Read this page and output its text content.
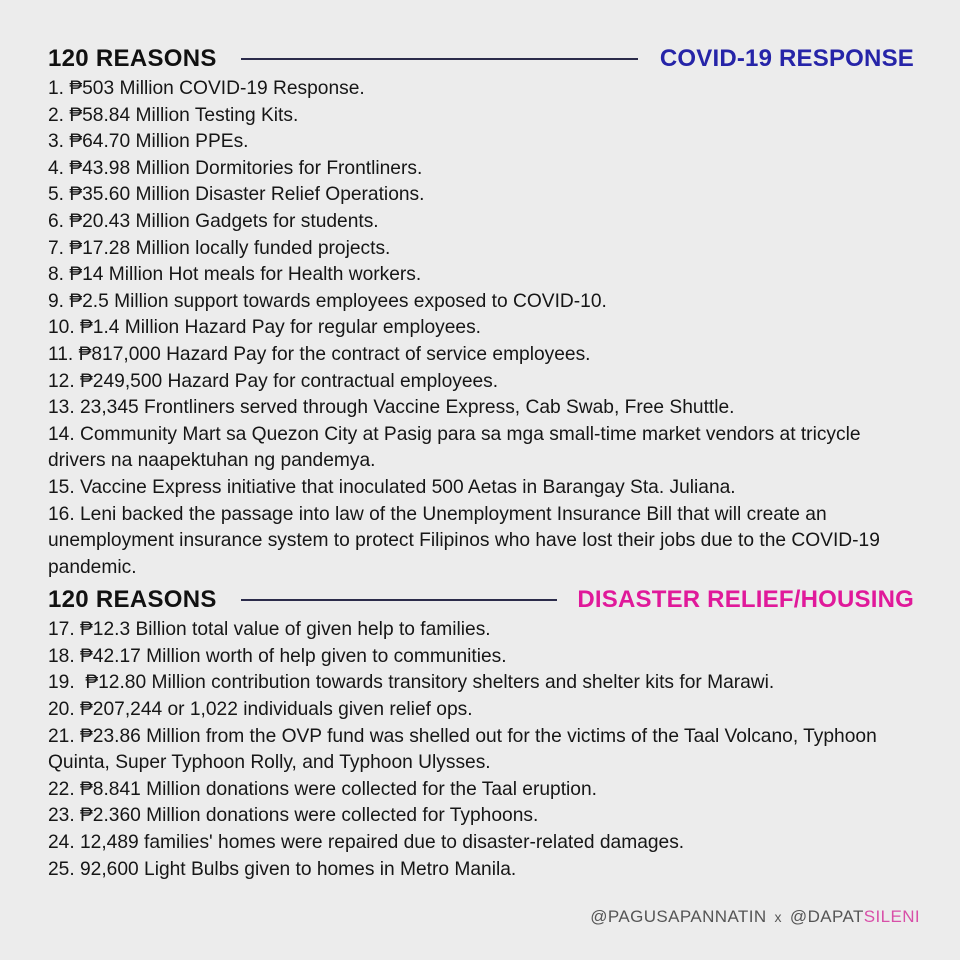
120 REASONS	COVID-19 RESPONSE
1. ₱503 Million COVID-19 Response.
2. ₱58.84 Million Testing Kits.
3. ₱64.70 Million PPEs.
4. ₱43.98 Million Dormitories for Frontliners.
5. ₱35.60 Million Disaster Relief Operations.
6. ₱20.43 Million Gadgets for students.
7. ₱17.28 Million locally funded projects.
8. ₱14 Million Hot meals for Health workers.
9. ₱2.5 Million support towards employees exposed to COVID-10.
10. ₱1.4 Million Hazard Pay for regular employees.
11. ₱817,000 Hazard Pay for the contract of service employees.
12. ₱249,500 Hazard Pay for contractual employees.
13. 23,345 Frontliners served through Vaccine Express, Cab Swab, Free Shuttle.
14. Community Mart sa Quezon City at Pasig para sa mga small-time market vendors at tricycle drivers na naapektuhan ng pandemya.
15. Vaccine Express initiative that inoculated 500 Aetas in Barangay Sta. Juliana.
16. Leni backed the passage into law of the Unemployment Insurance Bill that will create an unemployment insurance system to protect Filipinos who have lost their jobs due to the COVID-19 pandemic.
120 REASONS	DISASTER RELIEF/HOUSING
17. ₱12.3 Billion total value of given help to families.
18. ₱42.17 Million worth of help given to communities.
19.  ₱12.80 Million contribution towards transitory shelters and shelter kits for Marawi.
20. ₱207,244 or 1,022 individuals given relief ops.
21. ₱23.86 Million from the OVP fund was shelled out for the victims of the Taal Volcano, Typhoon Quinta, Super Typhoon Rolly, and Typhoon Ulysses.
22. ₱8.841 Million donations were collected for the Taal eruption.
23. ₱2.360 Million donations were collected for Typhoons.
24. 12,489 families' homes were repaired due to disaster-related damages.
25. 92,600 Light Bulbs given to homes in Metro Manila.
@PAGUSAPANNATIN x @DAPATSILENI
